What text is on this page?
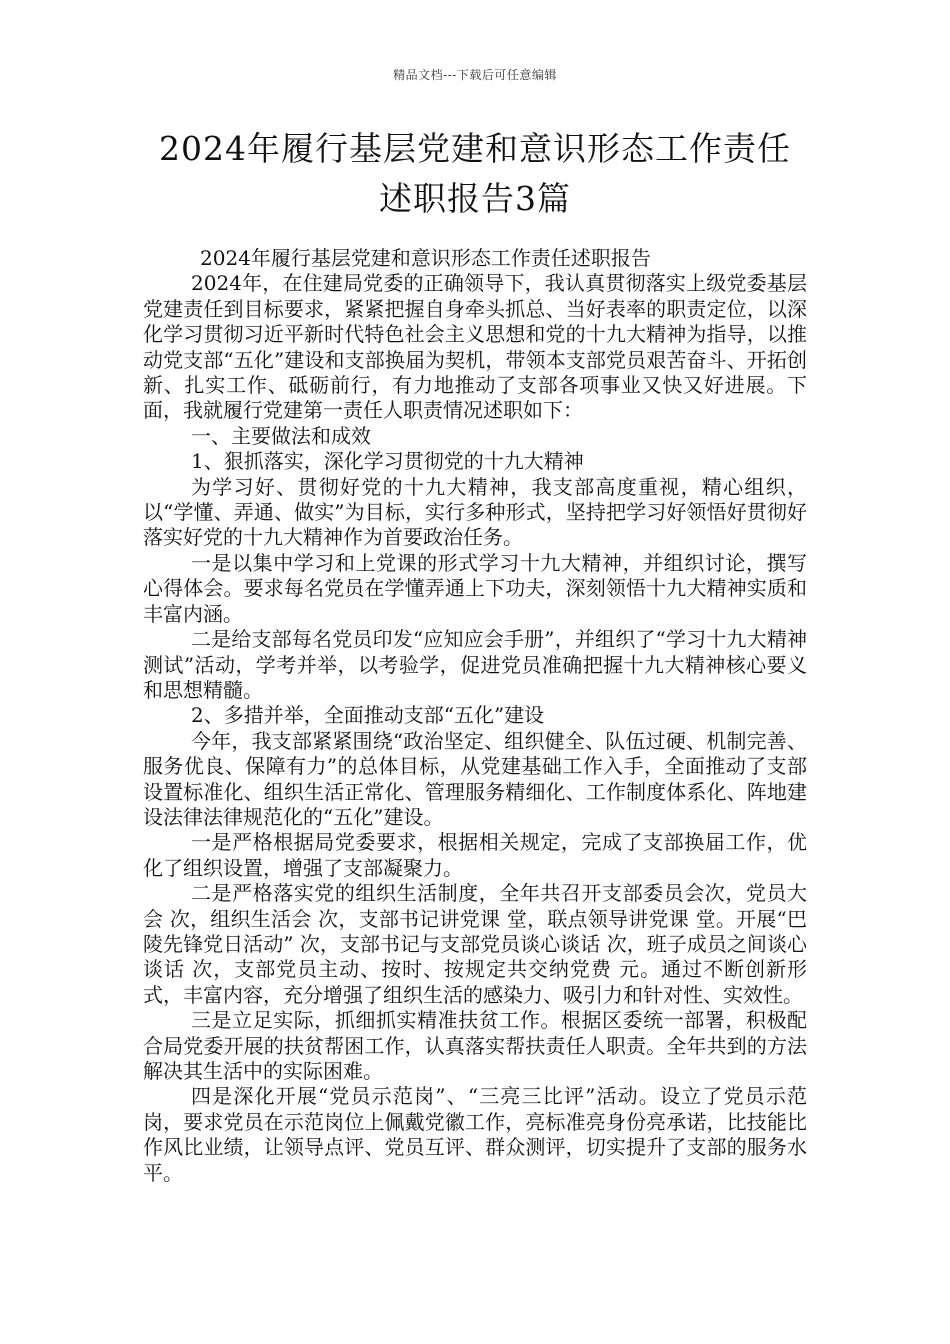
精品文档---下载后可任意编辑
2024年履行基层党建和意识形态工作责任
述职报告3篇

2024年履行基层党建和意识形态工作责任述职报告

2024年，在住建局党委的正确领导下，我认真贯彻落实上级党委基层党建责任到目标要求，紧紧把握自身牵头抓总、当好表率的职责定位，以深化学习贯彻习近平新时代特色社会主义思想和党的十九大精神为指导，以推动党支部“五化”建设和支部换届为契机，带领本支部党员艰苦奋斗、开拓创新、扎实工作、砥砺前行，有力地推动了支部各项事业又快又好进展。下面，我就履行党建第一责任人职责情况述职如下：

一、主要做法和成效

1、狠抓落实，深化学习贯彻党的十九大精神

为学习好、贯彻好党的十九大精神，我支部高度重视，精心组织，以“学懂、弄通、做实”为目标，实行多种形式，坚持把学习好领悟好贯彻好落实好党的十九大精神作为首要政治任务。

一是以集中学习和上党课的形式学习十九大精神，并组织讨论，撰写心得体会。要求每名党员在学懂弄通上下功夫，深刻领悟十九大精神实质和丰富内涵。

二是给支部每名党员印发“应知应会手册”，并组织了“学习十九大精神测试”活动，学考并举，以考验学，促进党员准确把握十九大精神核心要义和思想精髓。

2、多措并举，全面推动支部“五化”建设

今年，我支部紧紧围绕“政治坚定、组织健全、队伍过硬、机制完善、服务优良、保障有力”的总体目标，从党建基础工作入手，全面推动了支部设置标准化、组织生活正常化、管理服务精细化、工作制度体系化、阵地建设法律法律规范化的“五化”建设。

一是严格根据局党委要求，根据相关规定，完成了支部换届工作，优化了组织设置，增强了支部凝聚力。

二是严格落实党的组织生活制度，全年共召开支部委员会次，党员大会 次，组织生活会 次，支部书记讲党课 堂，联点领导讲党课 堂。开展“巴陵先锋党日活动” 次，支部书记与支部党员谈心谈话 次，班子成员之间谈心谈话 次，支部党员主动、按时、按规定共交纳党费 元。通过不断创新形式，丰富内容，充分增强了组织生活的感染力、吸引力和针对性、实效性。

三是立足实际，抓细抓实精准扶贫工作。根据区委统一部署，积极配合局党委开展的扶贫帮困工作，认真落实帮扶责任人职责。全年共到的方法解决其生活中的实际困难。

四是深化开展“党员示范岗”、“三亮三比评”活动。设立了党员示范岗，要求党员在示范岗位上佩戴党徽工作，亮标准亮身份亮承诺，比技能比作风比业绩，让领导点评、党员互评、群众测评，切实提升了支部的服务水平。
